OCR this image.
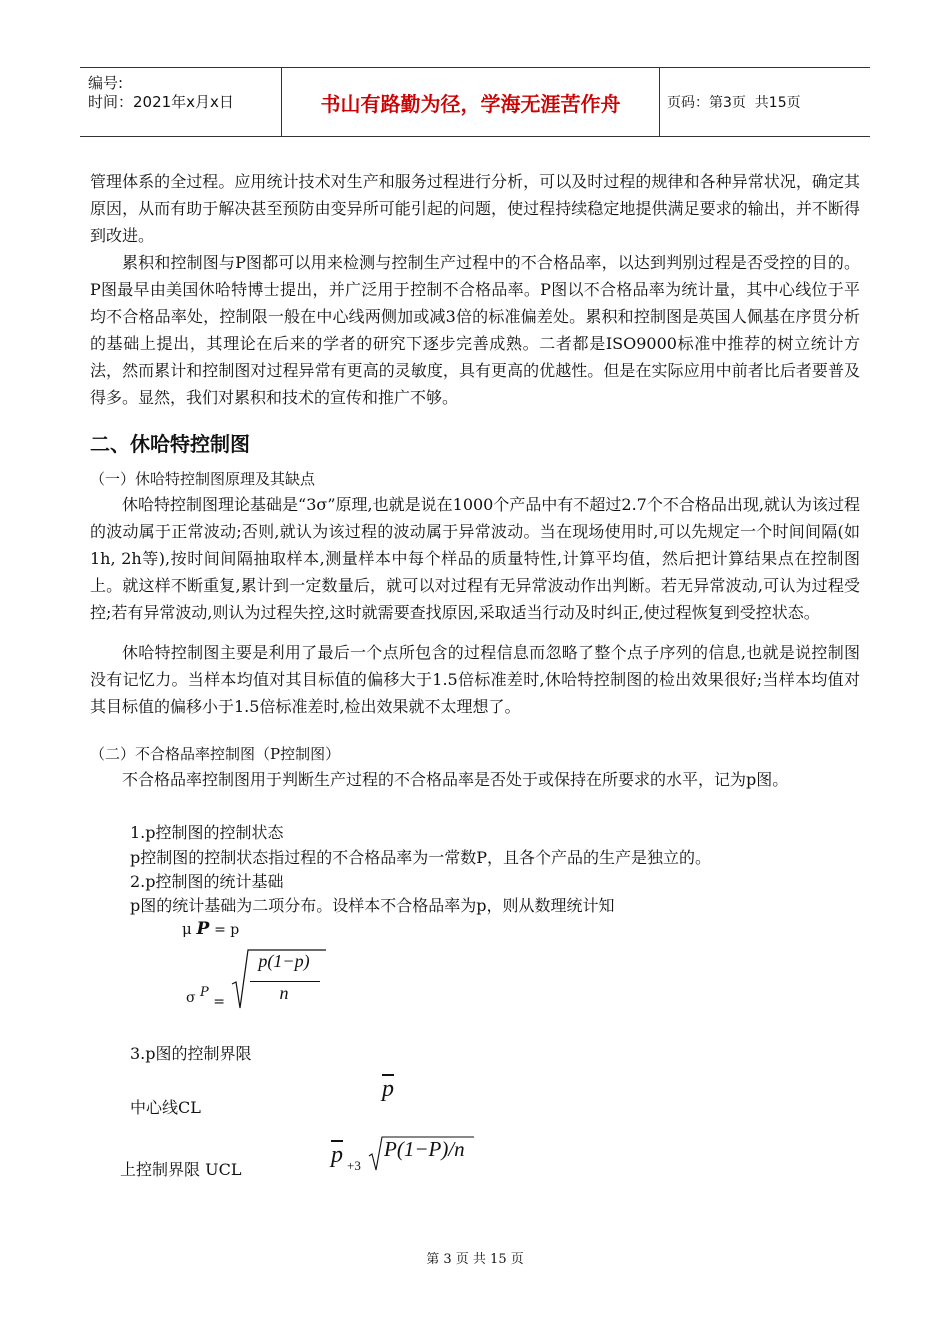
编号:
时间：2021年x月x日	书山有路勤为径，学海无涯苦作舟	页码：第3页  共15页

管理体系的全过程。应用统计技术对生产和服务过程进行分析，可以及时过程的规律和各种异常状况，确定其原因，从而有助于解决甚至预防由变异所可能引起的问题，使过程持续稳定地提供满足要求的输出，并不断得到改进。

累积和控制图与P图都可以用来检测与控制生产过程中的不合格品率，以达到判别过程是否受控的目的。P图最早由美国休哈特博士提出，并广泛用于控制不合格品率。P图以不合格品率为统计量，其中心线位于平均不合格品率处，控制限一般在中心线两侧加或减3倍的标准偏差处。累积和控制图是英国人佩基在序贯分析的基础上提出，其理论在后来的学者的研究下逐步完善成熟。二者都是ISO9000标准中推荐的树立统计方法，然而累计和控制图对过程异常有更高的灵敏度，具有更高的优越性。但是在实际应用中前者比后者要普及得多。显然，我们对累积和技术的宣传和推广不够。

二、休哈特控制图
（一）休哈特控制图原理及其缺点

休哈特控制图理论基础是“3σ”原理,也就是说在1000个产品中有不超过2.7个不合格品出现,就认为该过程的波动属于正常波动;否则,就认为该过程的波动属于异常波动。当在现场使用时,可以先规定一个时间间隔(如1h, 2h等),按时间间隔抽取样本,测量样本中每个样品的质量特性,计算平均值，然后把计算结果点在控制图上。就这样不断重复,累计到一定数量后，就可以对过程有无异常波动作出判断。若无异常波动,可认为过程受控;若有异常波动,则认为过程失控,这时就需要查找原因,采取适当行动及时纠正,使过程恢复到受控状态。

休哈特控制图主要是利用了最后一个点所包含的过程信息而忽略了整个点子序列的信息,也就是说控制图没有记忆力。当样本均值对其目标值的偏移大于1.5倍标准差时,休哈特控制图的检出效果很好;当样本均值对其目标值的偏移小于1.5倍标准差时,检出效果就不太理想了。

（二）不合格品率控制图（P控制图）

不合格品率控制图用于判断生产过程的不合格品率是否处于或保持在所要求的水平，记为p图。

1.p控制图的控制状态
p控制图的控制状态指过程的不合格品率为一常数P，且各个产品的生产是独立的。
2.p控制图的统计基础
p图的统计基础为二项分布。设样本不合格品率为p，则从数理统计知
μ P = p
σ P =
p(1−p)
n
3.p图的控制界限
中心线CL
$\overline{p}$
上控制界限 UCL
$\overline{p}$ $_{+3}$
P(1−P)/n
第 3 页 共 15 页
